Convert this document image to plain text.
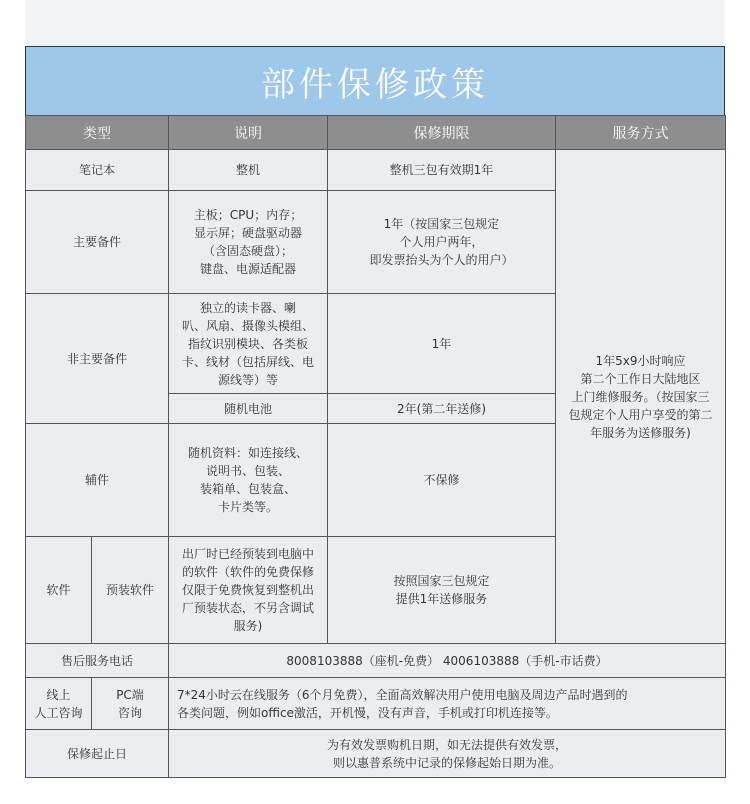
部件保修政策
类型		说明	保修期限	服务方式
笔记本		整机	整机三包有效期1年	1年5x9小时响应
第二个工作日大陆地区
上门维修服务。（按国家三
包规定个人用户享受的第二
年服务为送修服务)
主要备件		主板；CPU；内存；
显示屏；硬盘驱动器
（含固态硬盘）；
键盘、电源适配器	1年（按国家三包规定
个人用户两年，
即发票抬头为个人的用户）	
非主要备件		独立的读卡器、喇
叭、风扇、摄像头模组、
指纹识别模块、各类板
卡、线材（包括屏线、电
源线等）等	1年	
		随机电池	2年(第二年送修)	
辅件		随机资料：如连接线、
说明书、包装、
装箱单、包装盒、
卡片类等。	不保修	
软件	预装软件	出厂时已经预装到电脑中
的软件（软件的免费保修
仅限于免费恢复到整机出
厂预装状态，不另含调试
服务)	按照国家三包规定
提供1年送修服务	
售后服务电话		8008103888（座机-免费） 4006103888（手机-市话费）		
线上
人工咨询	PC端
咨询	7*24小时云在线服务（6个月免费），全面高效解决用户使用电脑及周边产品时遇到的
各类问题，例如office激活，开机慢，没有声音，手机或打印机连接等。		
保修起止日		为有效发票购机日期，如无法提供有效发票，
则以惠普系统中记录的保修起始日期为准。		
